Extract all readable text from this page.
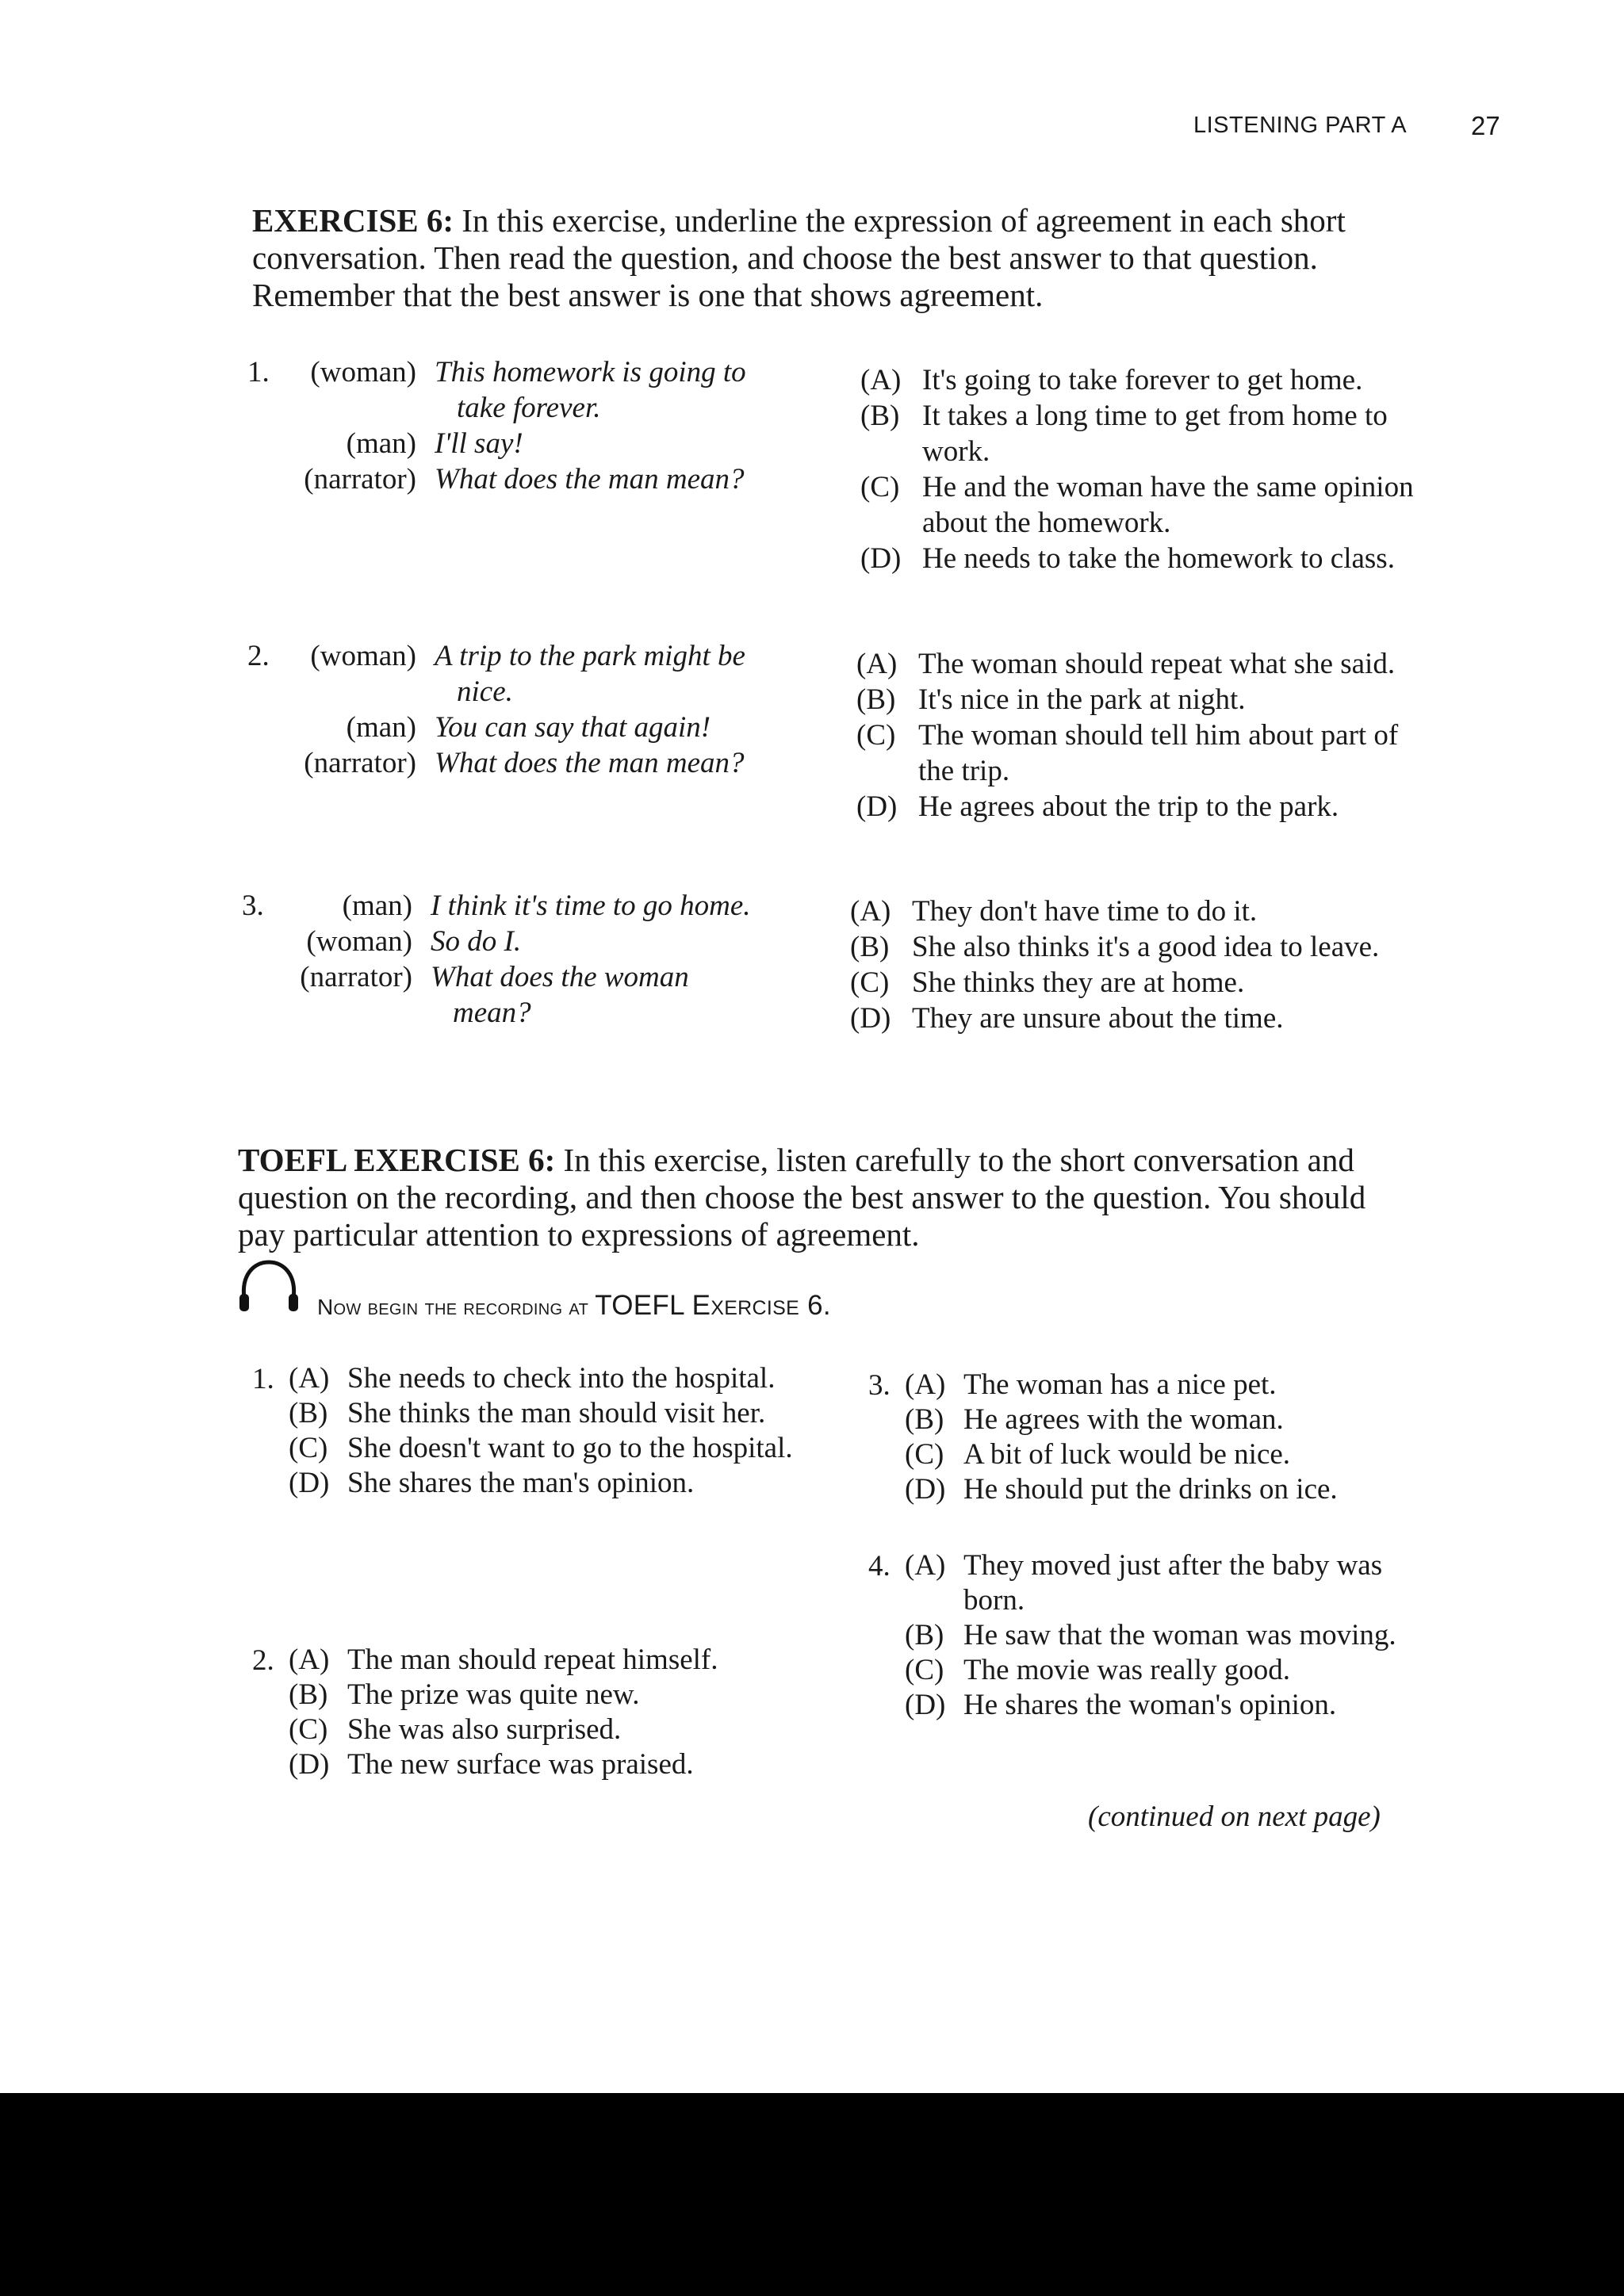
LISTENING PART A 27

EXERCISE 6: In this exercise, underline the expression of agreement in each short conversation. Then read the question, and choose the best answer to that question. Remember that the best answer is one that shows agreement.

1.	(woman) This homework is going to
take forever.
(man) I'll say!
(narrator) What does the man mean?
(A) It's going to take forever to get home.
(B) It takes a long time to get from home to work.
(C) He and the woman have the same opinion about the homework.
(D) He needs to take the homework to class.
2.	(woman) A trip to the park might be
nice.
(man) You can say that again!
(narrator) What does the man mean?
(A) The woman should repeat what she said.
(B) It's nice in the park at night.
(C) The woman should tell him about part of the trip.
(D) He agrees about the trip to the park.
3.	(man) I think it's time to go home.
(woman) So do I.
(narrator) What does the woman
mean?
(A) They don't have time to do it.
(B) She also thinks it's a good idea to leave.
(C) She thinks they are at home.
(D) They are unsure about the time.

TOEFL EXERCISE 6: In this exercise, listen carefully to the short conversation and question on the recording, and then choose the best answer to the question. You should pay particular attention to expressions of agreement.

Now begin the recording at TOEFL Exercise 6.
1. (A) She needs to check into the hospital.
(B) She thinks the man should visit her.
(C) She doesn't want to go to the hospital.
(D) She shares the man's opinion.
2. (A) The man should repeat himself.
(B) The prize was quite new.
(C) She was also surprised.
(D) The new surface was praised.
3. (A) The woman has a nice pet.
(B) He agrees with the woman.
(C) A bit of luck would be nice.
(D) He should put the drinks on ice.
4. (A) They moved just after the baby was born.
(B) He saw that the woman was moving.
(C) The movie was really good.
(D) He shares the woman's opinion.
(continued on next page)
